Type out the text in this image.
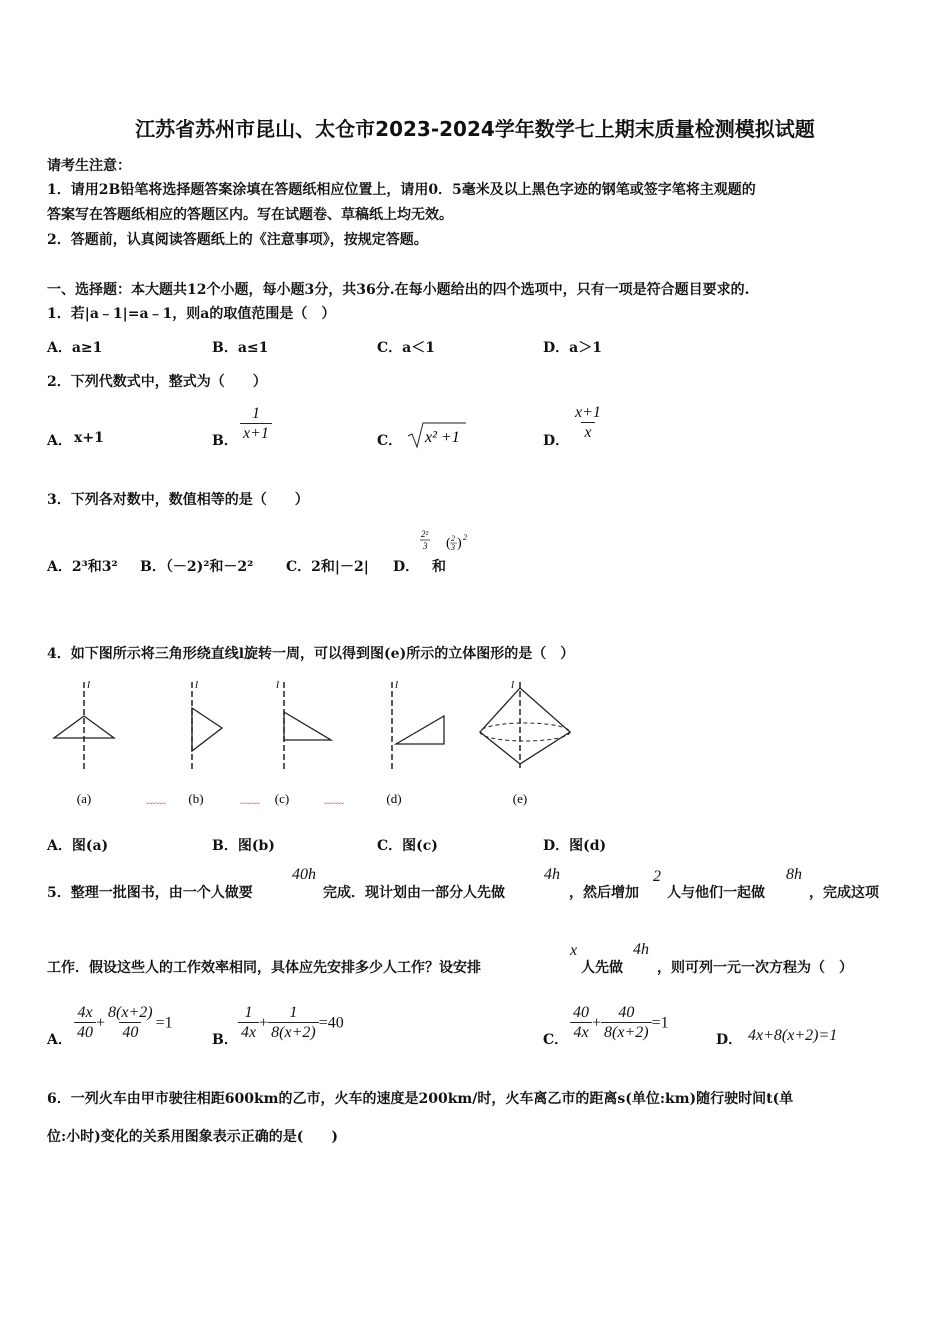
江苏省苏州市昆山、太仓市2023-2024学年数学七上期末质量检测模拟试题
请考生注意：
1．请用2B铅笔将选择题答案涂填在答题纸相应位置上，请用0．5毫米及以上黑色字迹的钢笔或签字笔将主观题的
答案写在答题纸相应的答题区内。写在试题卷、草稿纸上均无效。
2．答题前，认真阅读答题纸上的《注意事项》，按规定答题。
一、选择题：本大题共12个小题，每小题3分，共36分.在每小题给出的四个选项中，只有一项是符合题目要求的.
1．若|a﹣1|=a﹣1，则a的取值范围是（　）
A．a≥1	B．a≤1	C．a＜1	D．a＞1
2．下列代数式中，整式为（　　）
A． x+1	B． $\frac{1}{x+1}$	C． x² +1	D． $\frac{x+1}{x}$
3．下列各对数中，数值相等的是（　　）
A．2³和3² B．（－2)²和－2² C．2和|－2| D．
2²
3 ( 2
3 ) 2
和
4．如下图所示将三角形绕直线l旋转一周，可以得到图(e)所示的立体图形的是（　）
l
(a)	﹏﹏
l
(b)	﹏﹏
l
(c)	﹏﹏
l
(d)
l
(e)
A．图(a)	B．图(b)	C．图(c)	D．图(d)
5．整理一批图书，由一个人做要
40h
完成．现计划由一部分人先做
4h
，然后增加
2
人与他们一起做
8h
，完成这项
工作．假设这些人的工作效率相同，具体应先安排多少人工作？设安排
x
人先做
4h
，则可列一元一次方程为（　）
A． $\frac{4x}{40} + \frac{8(x+2)}{40} =1$
B． $\frac{1}{4x} + \frac{1}{8(x+2)} =40$
C． $\frac{40}{4x} + \frac{40}{8(x+2)} =1$
D． 4x+8(x+2)=1
6．一列火车由甲市驶往相距600km的乙市，火车的速度是200km/时，火车离乙市的距离s(单位:km)随行驶时间t(单
位:小时)变化的关系用图象表示正确的是(　　)
